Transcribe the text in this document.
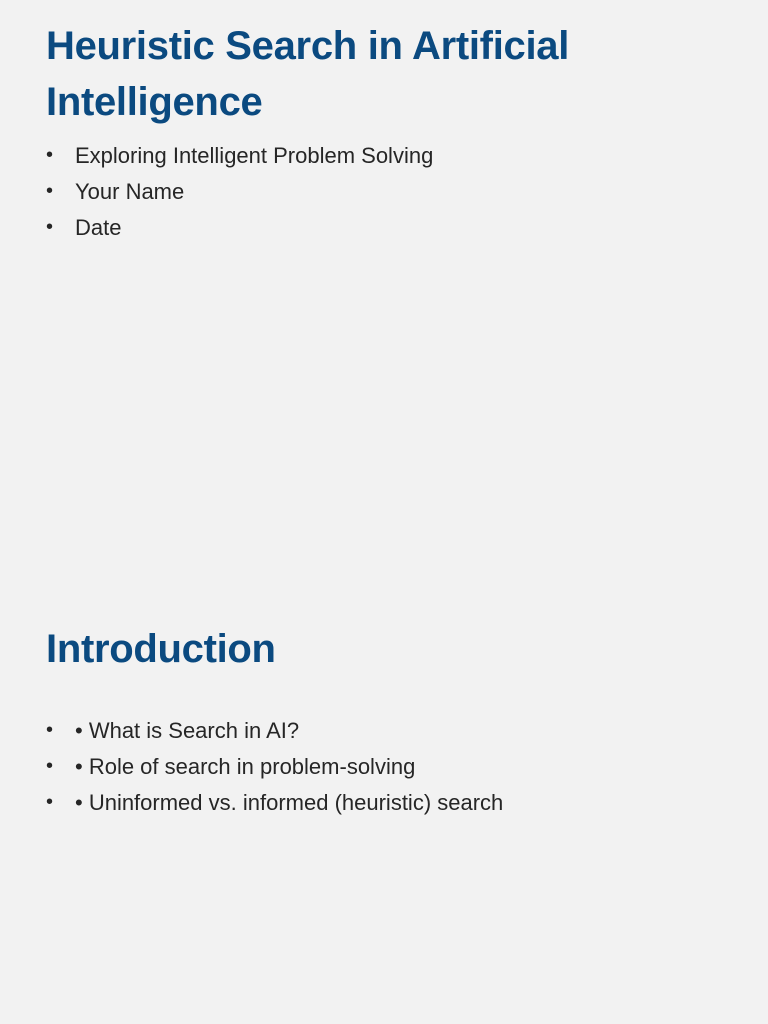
Heuristic Search in Artificial Intelligence
• Exploring Intelligent Problem Solving
• Your Name
• Date
Introduction
• • What is Search in AI?
• • Role of search in problem-solving
• • Uninformed vs. informed (heuristic) search
